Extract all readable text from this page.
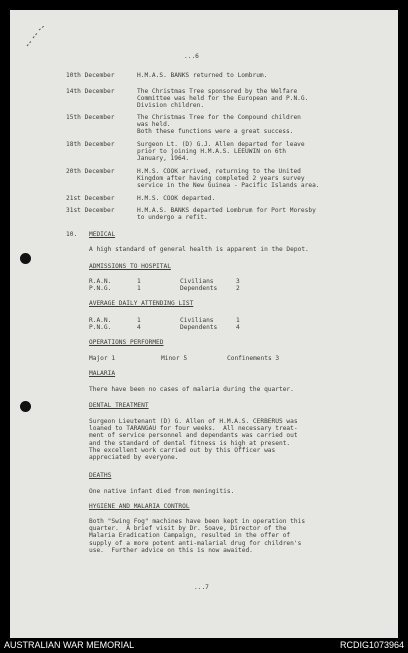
...6
10th December	H.M.A.S. BANKS returned to Lombrum.
14th December	The Christmas Tree sponsored by the Welfare
Committee was held for the European and P.N.G.
Division children.
15th December	The Christmas Tree for the Compound children
was held.
Both these functions were a great success.
18th December	Surgeon Lt. (D) G.J. Allen departed for leave
prior to joining H.M.A.S. LEEUWIN on 6th
January, 1964.
20th December	H.M.S. COOK arrived, returning to the United
Kingdom after having completed 2 years survey
service in the New Guinea - Pacific Islands area.
21st December	H.M.S. COOK departed.
31st December	H.M.A.S. BANKS departed Lombrum for Port Moresby
to undergo a refit.
10. MEDICAL
A high standard of general health is apparent in the Depot.
ADMISSIONS TO HOSPITAL
R.A.N.	1	Civilians	3
P.N.G.	1	Dependents	2
AVERAGE DAILY ATTENDING LIST
R.A.N.	1	Civilians	1
P.N.G.	4	Dependents	4
OPERATIONS PERFORMED
Major 1	Minor 5	Confinements 3
MALARIA
There have been no cases of malaria during the quarter.
DENTAL TREATMENT
Surgeon Lieutenant (D) G. Allen of H.M.A.S. CERBERUS was
loaned to TARANGAU for four weeks.  All necessary treat-
ment of service personnel and dependants was carried out
and the standard of dental fitness is high at present.
The excellent work carried out by this Officer was
appreciated by everyone.
DEATHS
One native infant died from meningitis.
HYGIENE AND MALARIA CONTROL
Both "Swing Fog" machines have been kept in operation this
quarter.  A brief visit by Dr. Soave, Director of the
Malaria Eradication Campaign, resulted in the offer of
supply of a more potent anti-malarial drug for children's
use.  Further advice on this is now awaited.
...7
AUSTRALIAN WAR MEMORIAL	RCDIG1073964
